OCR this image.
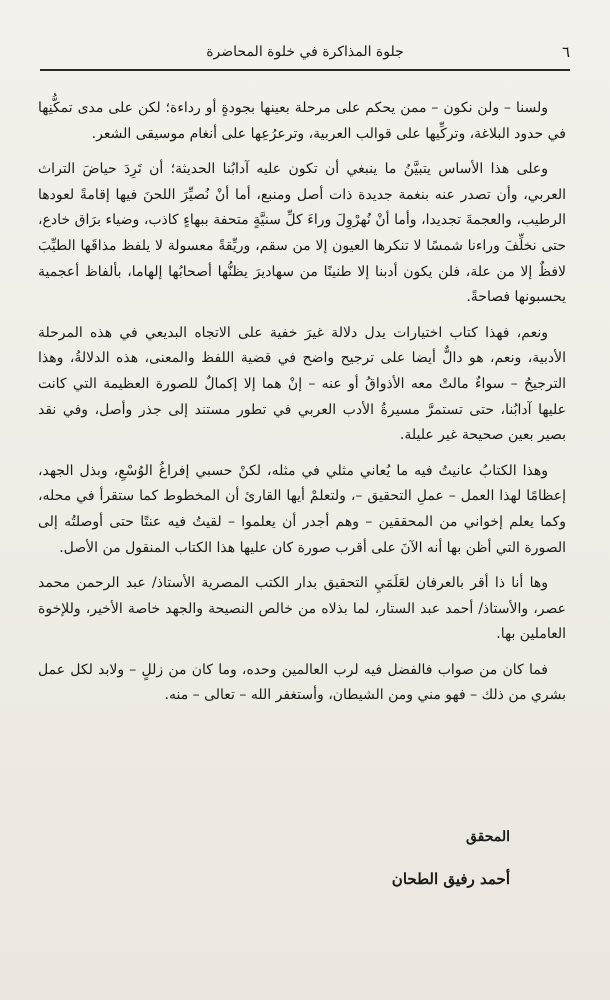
٦
جلوة المذاكرة في خلوة المحاضرة

ولسنا – ولن نكون – ممن يحكم على مرحلة بعينها بجودةٍ أو رداءة؛ لكن على مدى تمكُّنِها في حدود البلاغة، وتركِّيها على قوالب العربية، وترعرُعِها على أنغام موسيقى الشعر.

وعلى هذا الأساس يتبيَّنُ ما ينبغي أن تكون عليه آدابُنا الحديثة؛ أن تَرِدَ حياضَ التراث العربي، وأن تصدر عنه بنغمة جديدة ذات أصل ومنبع، أما أنْ نُصيِّرَ اللحنَ فيها إقامةً لعودها الرطيب، والعجمةَ تجديدا، وأما أنْ نُهرْوِلَ وراءَ كلِّ سنيَّةٍ متحفة ببهاءٍ كاذب، وضياء برَاق خادع، حتى نخلِّفَ وراءنا شمسًا لا تنكرها العيون إلا من سقم، وريِّقةً معسولة لا يلفظ مذاقَها الطيِّبَ لافظٌ إلا من علة، فلن يكون أدبنا إلا طنينًا من سهاديرَ يظنُّها أصحابُها إلهاما، بألفاظ أعجمية يحسبونها فصاحةً.

ونعم، فهذا كتاب اختيارات يدل دلالة غيرَ خفية على الاتجاه البديعي في هذه المرحلة الأدبية، ونعم، هو دالٌّ أيضا على ترجيح واضح في قضية اللفظ والمعنى، هذه الدلالةُ، وهذا الترجيحُ – سواءٌ مالتْ معه الأذواقُ أو عنه – إنْ هما إلا إكمالٌ للصورة العظيمة التي كانت عليها آدابُنا، حتى تستمرَّ مسيرةُ الأدب العربي في تطور مستند إلى جذر وأصل، وفي نقد بصير بعين صحيحة غير عليلة.

وهذا الكتابُ عانيتُ فيه ما يُعاني مثلي في مثله، لكنْ حسبي إفراغُ الوُسْعِ، وبذل الجهد، إعظامًا لهذا العمل – عملِ التحقيق –، ولتعلمْ أيها القارئ أن المخطوط كما ستقرأ في محله، وكما يعلم إخواني من المحققين – وهم أجدر أن يعلموا – لقيتُ فيه عنتًا حتى أوصلتُه إلى الصورة التي أظن بها أنه الآنَ على أقرب صورة كان عليها هذا الكتاب المنقول من الأصل.

وها أنا ذا أقر بالعرفان لعَلَمَيِ التحقيق بدار الكتب المصرية الأستاذ/ عبد الرحمن محمد عصر، والأستاذ/ أحمد عبد الستار، لما بذلاه من خالص النصيحة والجهد خاصة الأخير، وللإخوة العاملين بها.

فما كان من صواب فالفضل فيه لرب العالمين وحده، وما كان من زللٍ – ولابد لكل عمل بشري من ذلك – فهو مني ومن الشيطان، وأستغفر الله – تعالى – منه.

المحقق
أحمد رفيق الطحان
